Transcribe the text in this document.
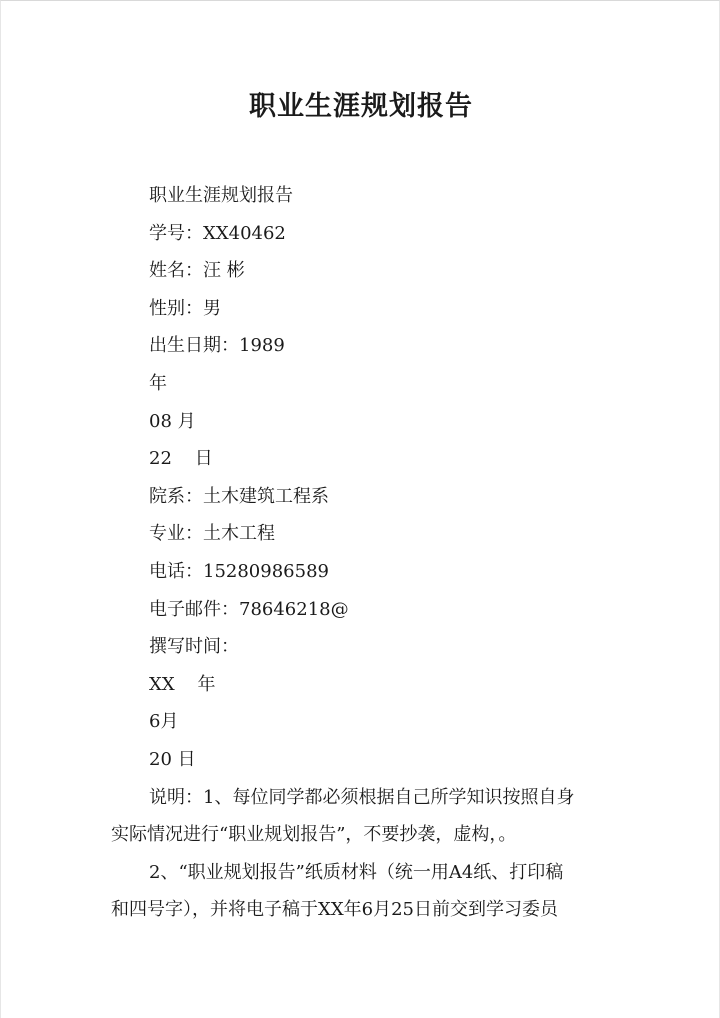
职业生涯规划报告
职业生涯规划报告
学号：XX40462
姓名：汪 彬
性别：男
出生日期：1989
年
08 月
22    日
院系：土木建筑工程系
专业：土木工程
电话：15280986589
电子邮件：78646218@
撰写时间：
XX    年
6月
20 日
说明：1、每位同学都必须根据自己所学知识按照自身
实际情况进行“职业规划报告”，不要抄袭，虚构，。
2、“职业规划报告”纸质材料（统一用A4纸、打印稿
和四号字），并将电子稿于XX年6月25日前交到学习委员
